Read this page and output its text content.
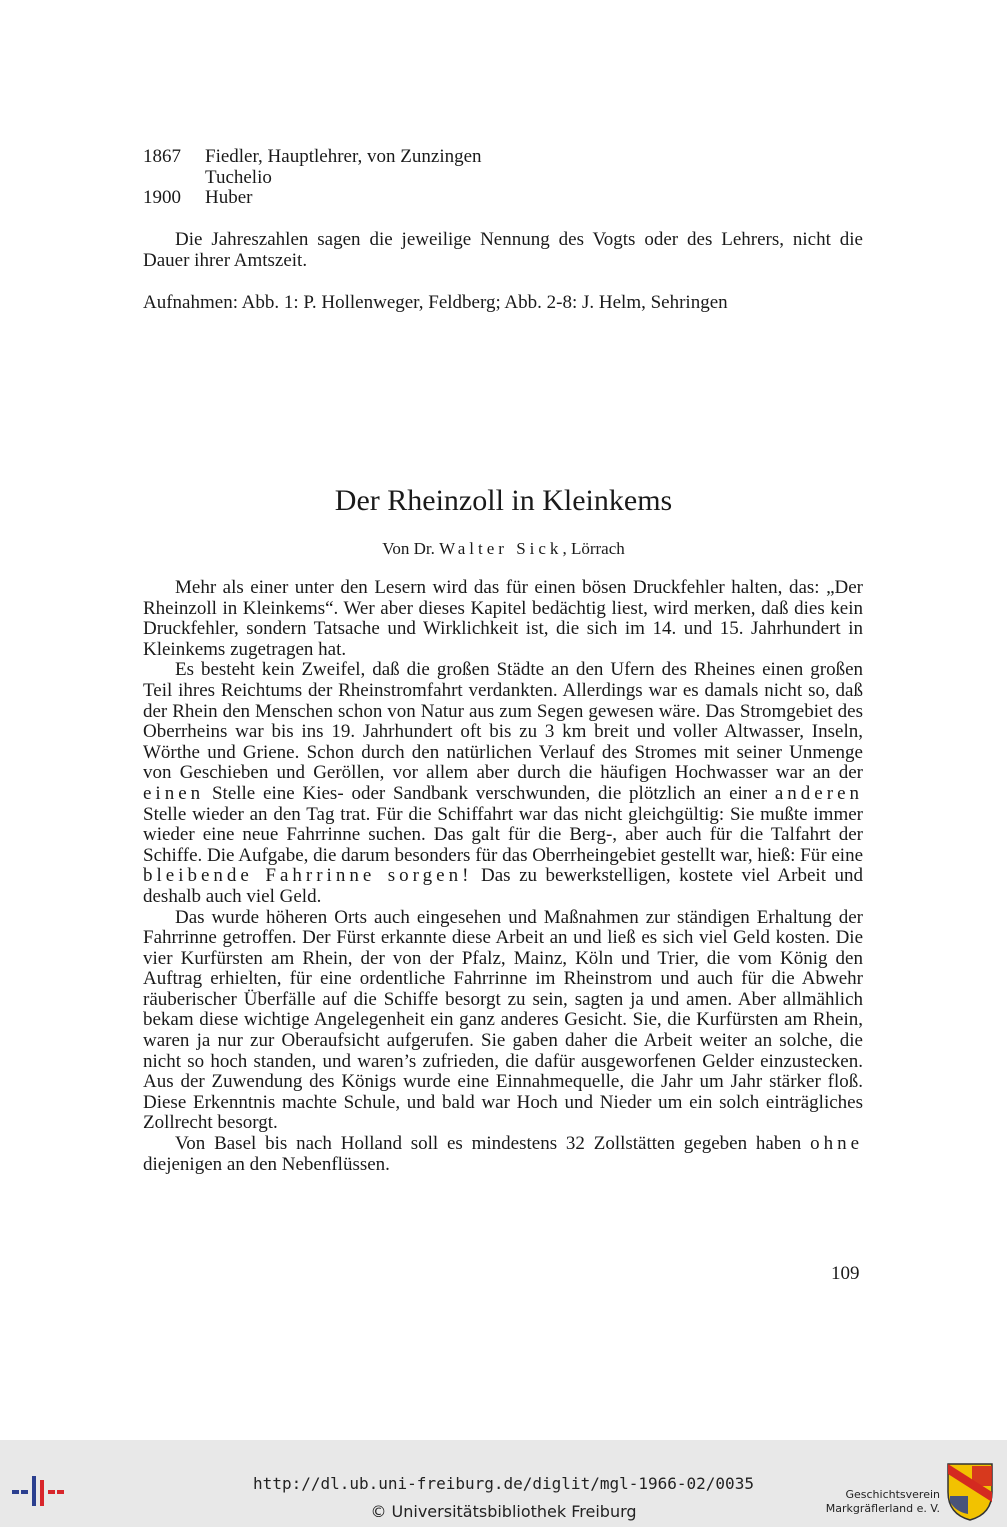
1867	Fiedler, Hauptlehrer, von Zunzingen
Tuchelio
1900	Huber
Die Jahreszahlen sagen die jeweilige Nennung des Vogts oder des Lehrers, nicht die Dauer ihrer Amtszeit.
Aufnahmen: Abb. 1: P. Hollenweger, Feldberg; Abb. 2-8: J. Helm, Sehringen
Der Rheinzoll in Kleinkems
Von Dr. Walter Sick, Lörrach

Mehr als einer unter den Lesern wird das für einen bösen Druckfehler halten, das: „Der Rheinzoll in Kleinkems“. Wer aber dieses Kapitel bedächtig liest, wird merken, daß dies kein Druckfehler, sondern Tatsache und Wirklichkeit ist, die sich im 14. und 15. Jahrhundert in Kleinkems zugetragen hat.

Es besteht kein Zweifel, daß die großen Städte an den Ufern des Rheines einen großen Teil ihres Reichtums der Rheinstromfahrt verdankten. Allerdings war es damals nicht so, daß der Rhein den Menschen schon von Natur aus zum Segen gewesen wäre. Das Stromgebiet des Oberrheins war bis ins 19. Jahrhundert oft bis zu 3 km breit und voller Altwasser, Inseln, Wörthe und Griene. Schon durch den natürlichen Verlauf des Stromes mit seiner Unmenge von Geschieben und Geröllen, vor allem aber durch die häufigen Hochwasser war an der einen Stelle eine Kies- oder Sandbank verschwunden, die plötzlich an einer anderen Stelle wieder an den Tag trat. Für die Schiffahrt war das nicht gleichgültig: Sie mußte immer wieder eine neue Fahrrinne suchen. Das galt für die Berg-, aber auch für die Talfahrt der Schiffe. Die Aufgabe, die darum besonders für das Oberrheingebiet gestellt war, hieß: Für eine bleibende Fahrrinne sorgen! Das zu bewerkstelligen, kostete viel Arbeit und deshalb auch viel Geld.

Das wurde höheren Orts auch eingesehen und Maßnahmen zur ständigen Erhaltung der Fahrrinne getroffen. Der Fürst erkannte diese Arbeit an und ließ es sich viel Geld kosten. Die vier Kurfürsten am Rhein, der von der Pfalz, Mainz, Köln und Trier, die vom König den Auftrag erhielten, für eine ordentliche Fahrrinne im Rheinstrom und auch für die Abwehr räuberischer Überfälle auf die Schiffe besorgt zu sein, sagten ja und amen. Aber allmählich bekam diese wichtige Angelegenheit ein ganz anderes Gesicht. Sie, die Kurfürsten am Rhein, waren ja nur zur Oberaufsicht aufgerufen. Sie gaben daher die Arbeit weiter an solche, die nicht so hoch standen, und waren’s zufrieden, die dafür ausgeworfenen Gelder einzustecken. Aus der Zuwendung des Königs wurde eine Einnahmequelle, die Jahr um Jahr stärker floß. Diese Erkenntnis machte Schule, und bald war Hoch und Nieder um ein solch einträgliches Zollrecht besorgt.

Von Basel bis nach Holland soll es mindestens 32 Zollstätten gegeben haben ohne diejenigen an den Nebenflüssen.

109
http://dl.ub.uni-freiburg.de/diglit/mgl-1966-02/0035
© Universitätsbibliothek Freiburg
Geschichtsverein
Markgräflerland e. V.
